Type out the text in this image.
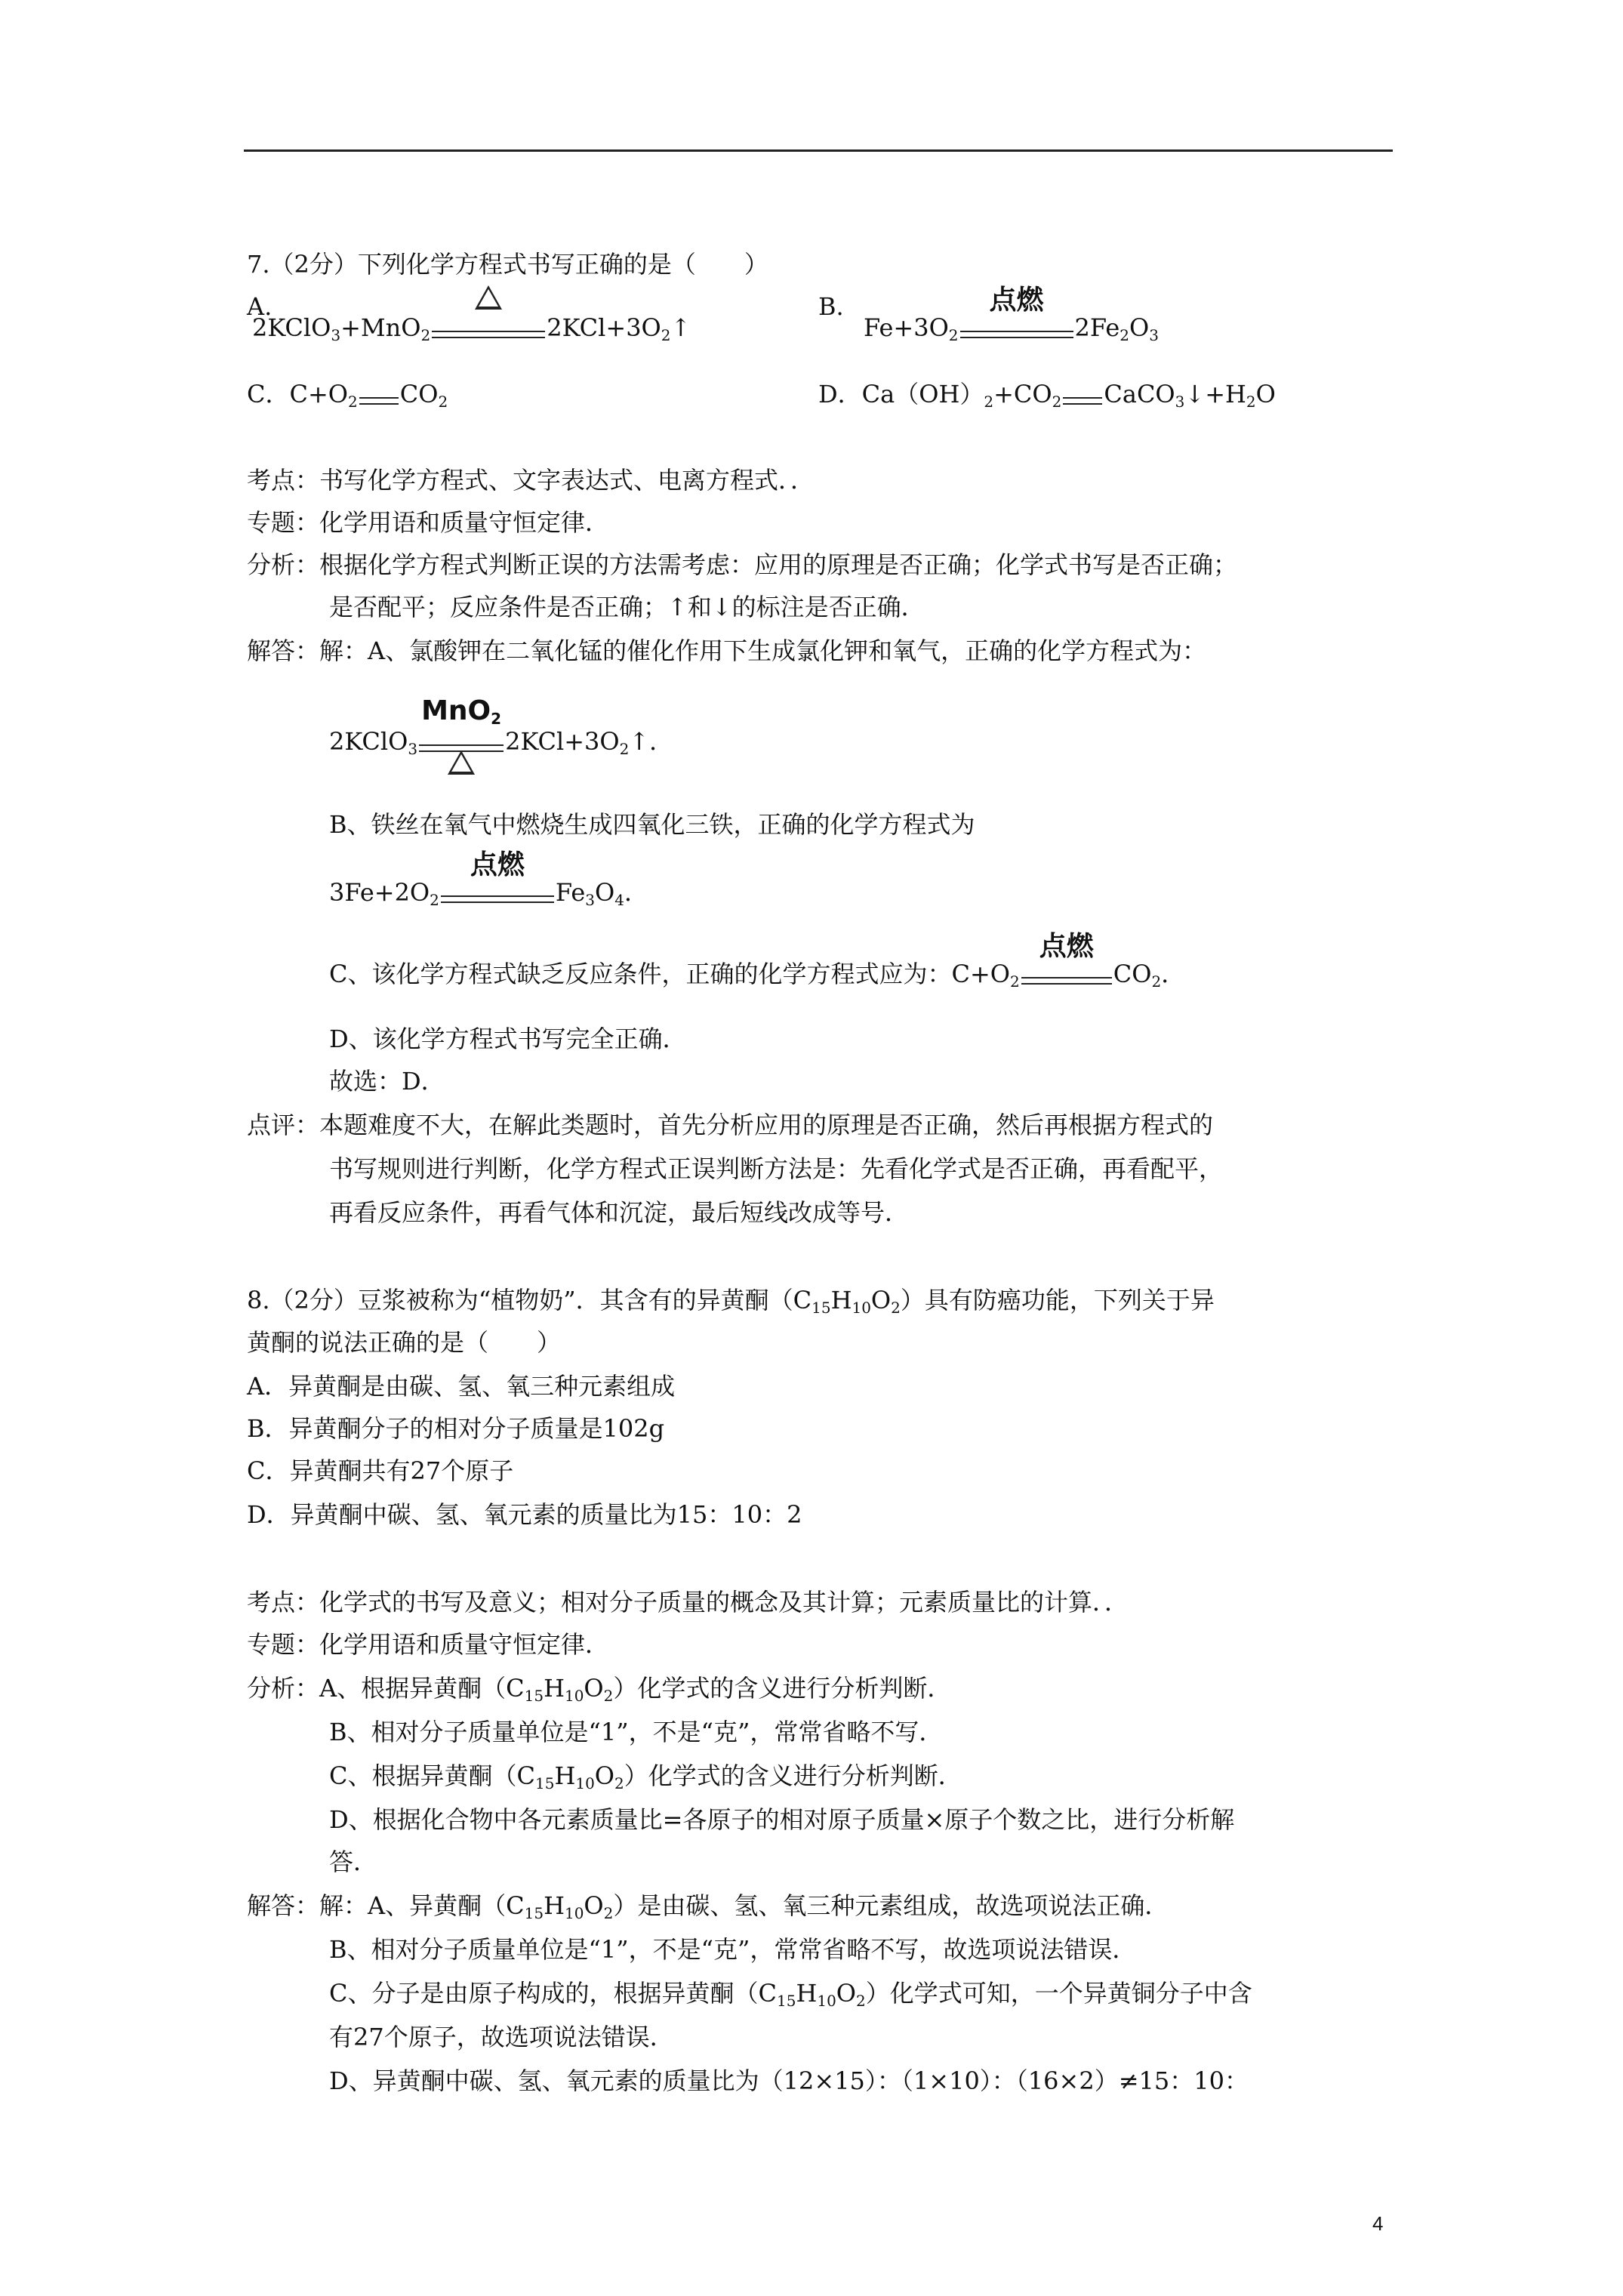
7.（2分）下列化学方程式书写正确的是（　　）
A.
2KClO$_3$+MnO$_2$	$2KCl+3O_2↑$
B.
$Fe+3O_2$
点燃
$2Fe_2O_3$
C．$C+O_2$ $CO_2$	D．$Ca(OH)_2+CO_2$ $CaCO_3↓+H_2O$
考点：书写化学方程式、文字表达式、电离方程式．．
专题：化学用语和质量守恒定律．
分析：根据化学方程式判断正误的方法需考虑：应用的原理是否正确；化学式书写是否正确；
是否配平；反应条件是否正确；↑和↓的标注是否正确．
解答：解：A、氯酸钾在二氧化锰的催化作用下生成氯化钾和氧气，正确的化学方程式为：
2KClO$_3$
MnO$_2$
$2KCl+3O_2↑$．
B、铁丝在氧气中燃烧生成四氧化三铁，正确的化学方程式为
$3Fe+2O_2$
点燃
$Fe_3O_4$．
C、该化学方程式缺乏反应条件，正确的化学方程式应为：$C+O_2$
点燃
$CO_2$．
D、该化学方程式书写完全正确．
故选：D．
点评：本题难度不大，在解此类题时，首先分析应用的原理是否正确，然后再根据方程式的
书写规则进行判断，化学方程式正误判断方法是：先看化学式是否正确，再看配平，
再看反应条件，再看气体和沉淀，最后短线改成等号．
8.（2分）豆浆被称为“植物奶”．其含有的异黄酮$(C_{15}H_{10}O_2)$具有防癌功能，下列关于异
黄酮的说法正确的是（　　）
A．异黄酮是由碳、氢、氧三种元素组成
B．异黄酮分子的相对分子质量是102g
C．异黄酮共有27个原子
D．异黄酮中碳、氢、氧元素的质量比为15：10：2
考点：化学式的书写及意义；相对分子质量的概念及其计算；元素质量比的计算．．
专题：化学用语和质量守恒定律．
分析：A、根据异黄酮$(C_{15}H_{10}O_2)$化学式的含义进行分析判断．
B、相对分子质量单位是“1”，不是“克”，常常省略不写．
C、根据异黄酮$(C_{15}H_{10}O_2)$化学式的含义进行分析判断．
D、根据化合物中各元素质量比=各原子的相对原子质量×原子个数之比，进行分析解
答．
解答：解：A、异黄酮$(C_{15}H_{10}O_2)$是由碳、氢、氧三种元素组成，故选项说法正确．
B、相对分子质量单位是“1”，不是“克”，常常省略不写，故选项说法错误．
C、分子是由原子构成的，根据异黄酮$(C_{15}H_{10}O_2)$化学式可知，一个异黄铜分子中含
有27个原子，故选项说法错误．
D、异黄酮中碳、氢、氧元素的质量比为（12×15）：（1×10）：（16×2）≠15：10：
4
